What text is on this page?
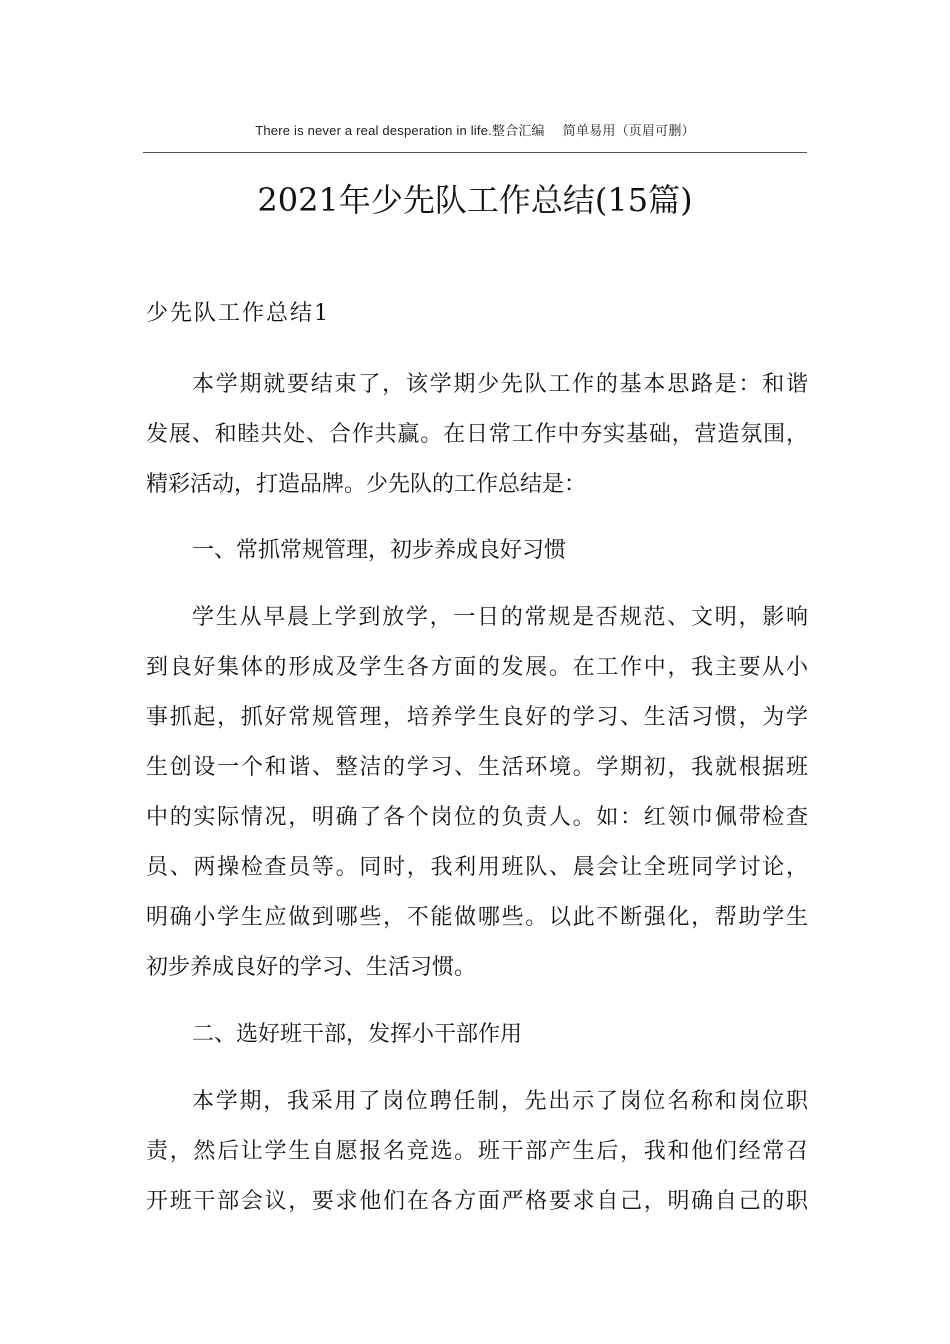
There is never a real desperation in life.整合汇编 简单易用（页眉可删）
2021年少先队工作总结(15篇)
少先队工作总结1
本学期就要结束了，该学期少先队工作的基本思路是：和谐
发展、和睦共处、合作共赢。在日常工作中夯实基础，营造氛围，
精彩活动，打造品牌。少先队的工作总结是：
一、常抓常规管理，初步养成良好习惯
学生从早晨上学到放学，一日的常规是否规范、文明，影响
到良好集体的形成及学生各方面的发展。在工作中，我主要从小
事抓起，抓好常规管理，培养学生良好的学习、生活习惯，为学
生创设一个和谐、整洁的学习、生活环境。学期初，我就根据班
中的实际情况，明确了各个岗位的负责人。如：红领巾佩带检查
员、两操检查员等。同时，我利用班队、晨会让全班同学讨论，
明确小学生应做到哪些，不能做哪些。以此不断强化，帮助学生
初步养成良好的学习、生活习惯。
二、选好班干部，发挥小干部作用
本学期，我采用了岗位聘任制，先出示了岗位名称和岗位职
责，然后让学生自愿报名竞选。班干部产生后，我和他们经常召
开班干部会议，要求他们在各方面严格要求自己，明确自己的职
